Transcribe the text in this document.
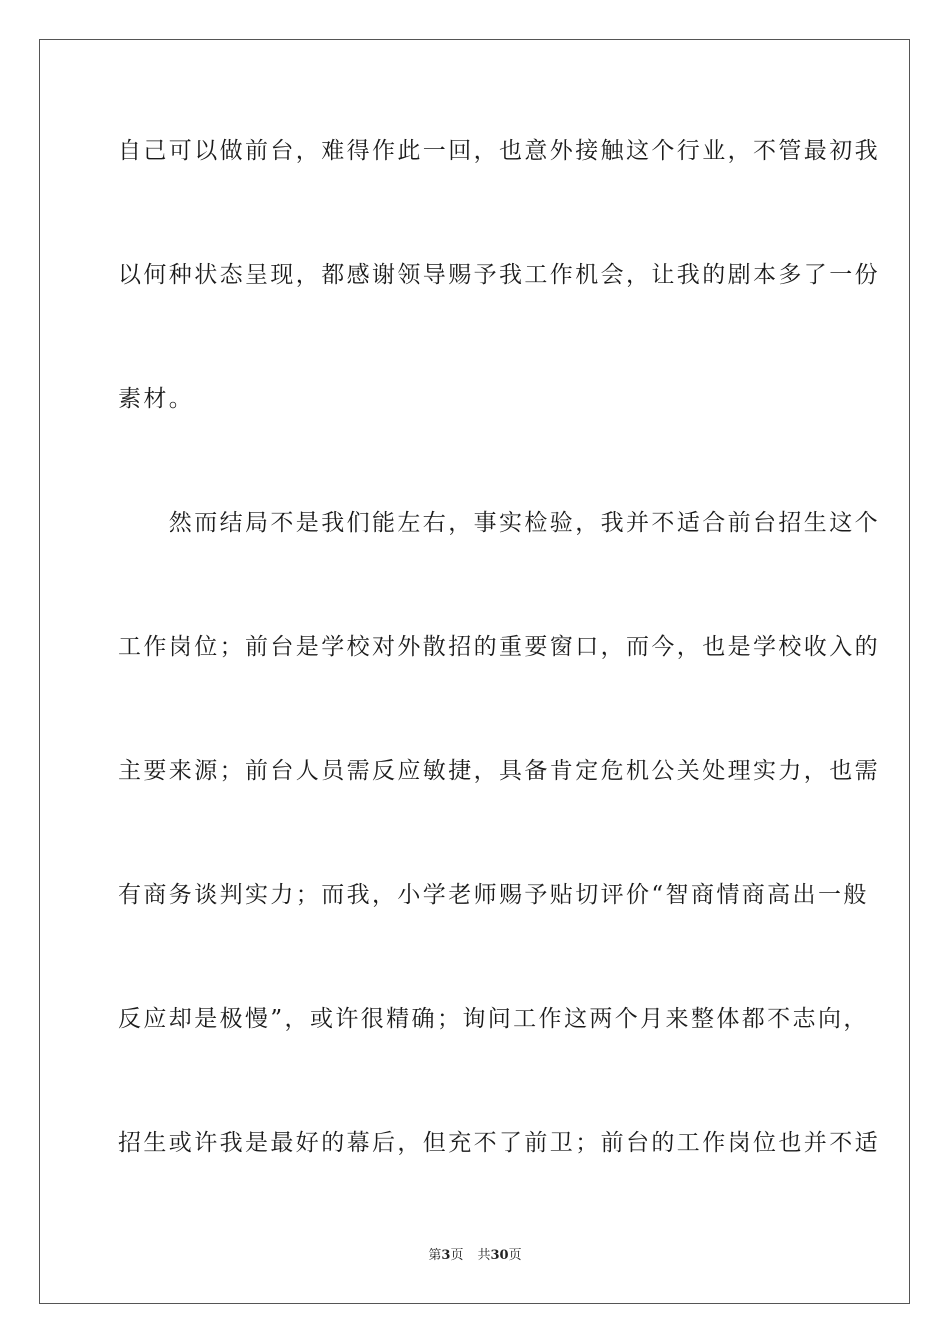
自己可以做前台，难得作此一回，也意外接触这个行业，不管最初我
以何种状态呈现，都感谢领导赐予我工作机会，让我的剧本多了一份
素材。
　　然而结局不是我们能左右，事实检验，我并不适合前台招生这个
工作岗位；前台是学校对外散招的重要窗口，而今，也是学校收入的
主要来源；前台人员需反应敏捷，具备肯定危机公关处理实力，也需
有商务谈判实力；而我，小学老师赐予贴切评价“智商情商高出一般
反应却是极慢”，或许很精确；询问工作这两个月来整体都不志向，
招生或许我是最好的幕后，但充不了前卫；前台的工作岗位也并不适
第3页 共30页
